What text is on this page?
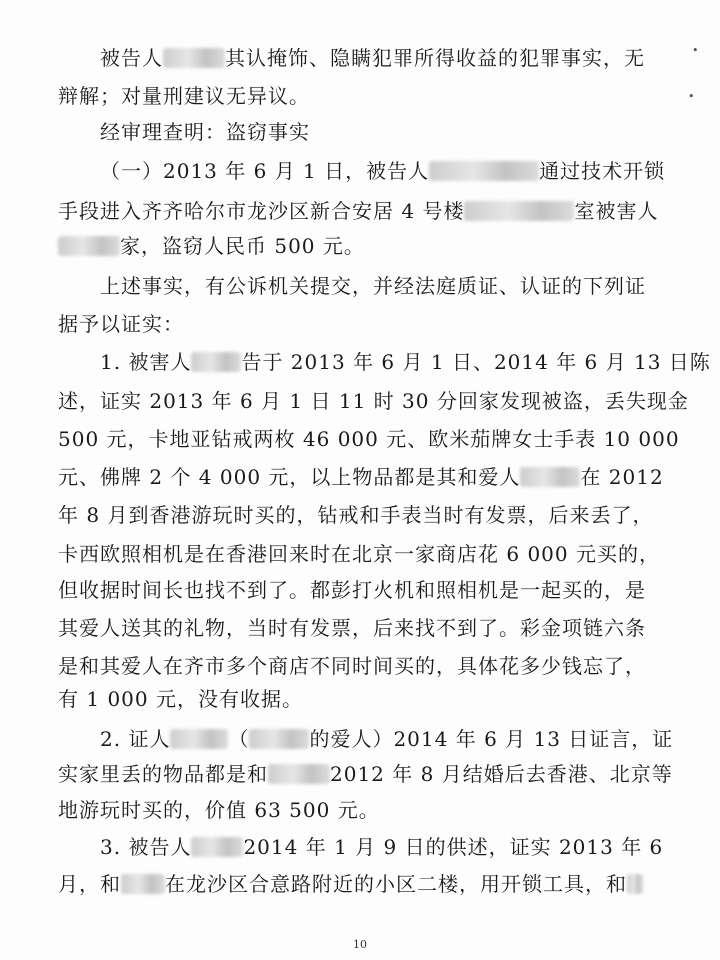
•
•
被告人	其认掩饰、隐瞒犯罪所得收益的犯罪事实，无
辩解；对量刑建议无异议。
经审理查明：盗窃事实
（一）2013 年 6 月 1 日，被告人	通过技术开锁
手段进入齐齐哈尔市龙沙区新合安居 4 号楼	室被害人
家，盗窃人民币 500 元。
上述事实，有公诉机关提交，并经法庭质证、认证的下列证
据予以证实：
1. 被害人	告于 2013 年 6 月 1 日、2014 年 6 月 13 日陈
述，证实 2013 年 6 月 1 日 11 时 30 分回家发现被盗，丢失现金
500 元，卡地亚钻戒两枚 46 000 元、欧米茄牌女士手表 10 000
元、佛牌 2 个 4 000 元，以上物品都是其和爱人	在 2012
年 8 月到香港游玩时买的，钻戒和手表当时有发票，后来丢了，
卡西欧照相机是在香港回来时在北京一家商店花 6 000 元买的，
但收据时间长也找不到了。都彭打火机和照相机是一起买的，是
其爱人送其的礼物，当时有发票，后来找不到了。彩金项链六条
是和其爱人在齐市多个商店不同时间买的，具体花多少钱忘了，
有 1 000 元，没有收据。
2. 证人	（	的爱人）2014 年 6 月 13 日证言，证
实家里丢的物品都是和	2012 年 8 月结婚后去香港、北京等
地游玩时买的，价值 63 500 元。
3. 被告人	2014 年 1 月 9 日的供述，证实 2013 年 6
月，和 在龙沙区合意路附近的小区二楼，用开锁工具，和
10
